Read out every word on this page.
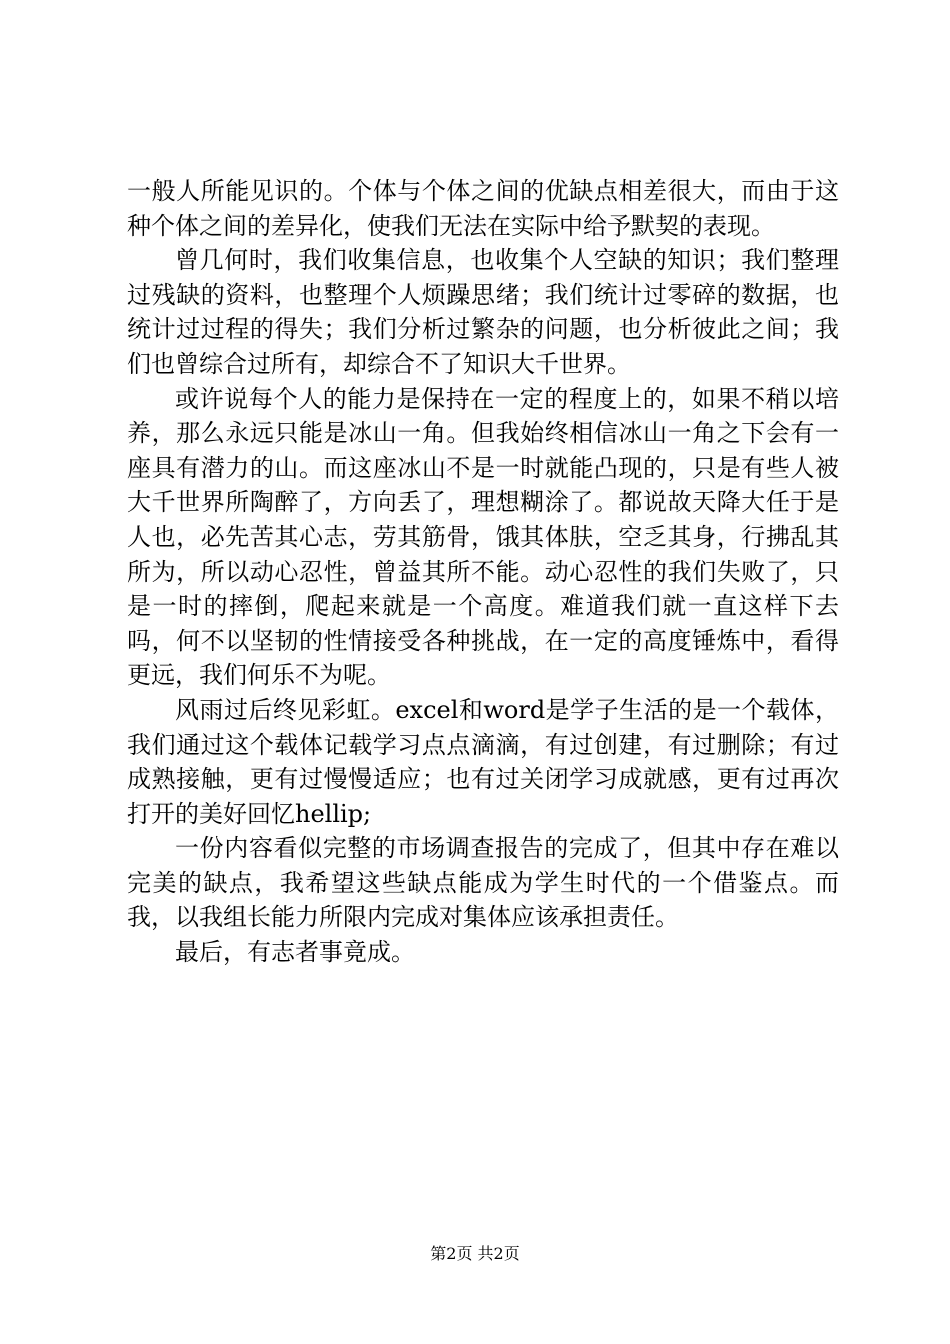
一般人所能见识的。个体与个体之间的优缺点相差很大，而由于这种个体之间的差异化，使我们无法在实际中给予默契的表现。

曾几何时，我们收集信息，也收集个人空缺的知识；我们整理过残缺的资料，也整理个人烦躁思绪；我们统计过零碎的数据，也统计过过程的得失；我们分析过繁杂的问题，也分析彼此之间；我们也曾综合过所有，却综合不了知识大千世界。

或许说每个人的能力是保持在一定的程度上的，如果不稍以培养，那么永远只能是冰山一角。但我始终相信冰山一角之下会有一座具有潜力的山。而这座冰山不是一时就能凸现的，只是有些人被大千世界所陶醉了，方向丢了，理想糊涂了。都说故天降大任于是人也，必先苦其心志，劳其筋骨，饿其体肤，空乏其身，行拂乱其所为，所以动心忍性，曾益其所不能。动心忍性的我们失败了，只是一时的摔倒，爬起来就是一个高度。难道我们就一直这样下去吗，何不以坚韧的性情接受各种挑战，在一定的高度锤炼中，看得更远，我们何乐不为呢。

风雨过后终见彩虹。excel和word是学子生活的是一个载体，我们通过这个载体记载学习点点滴滴，有过创建，有过删除；有过成熟接触，更有过慢慢适应；也有过关闭学习成就感，更有过再次打开的美好回忆hellip;

一份内容看似完整的市场调查报告的完成了，但其中存在难以完美的缺点，我希望这些缺点能成为学生时代的一个借鉴点。而我，以我组长能力所限内完成对集体应该承担责任。

最后，有志者事竟成。

第2页 共2页
